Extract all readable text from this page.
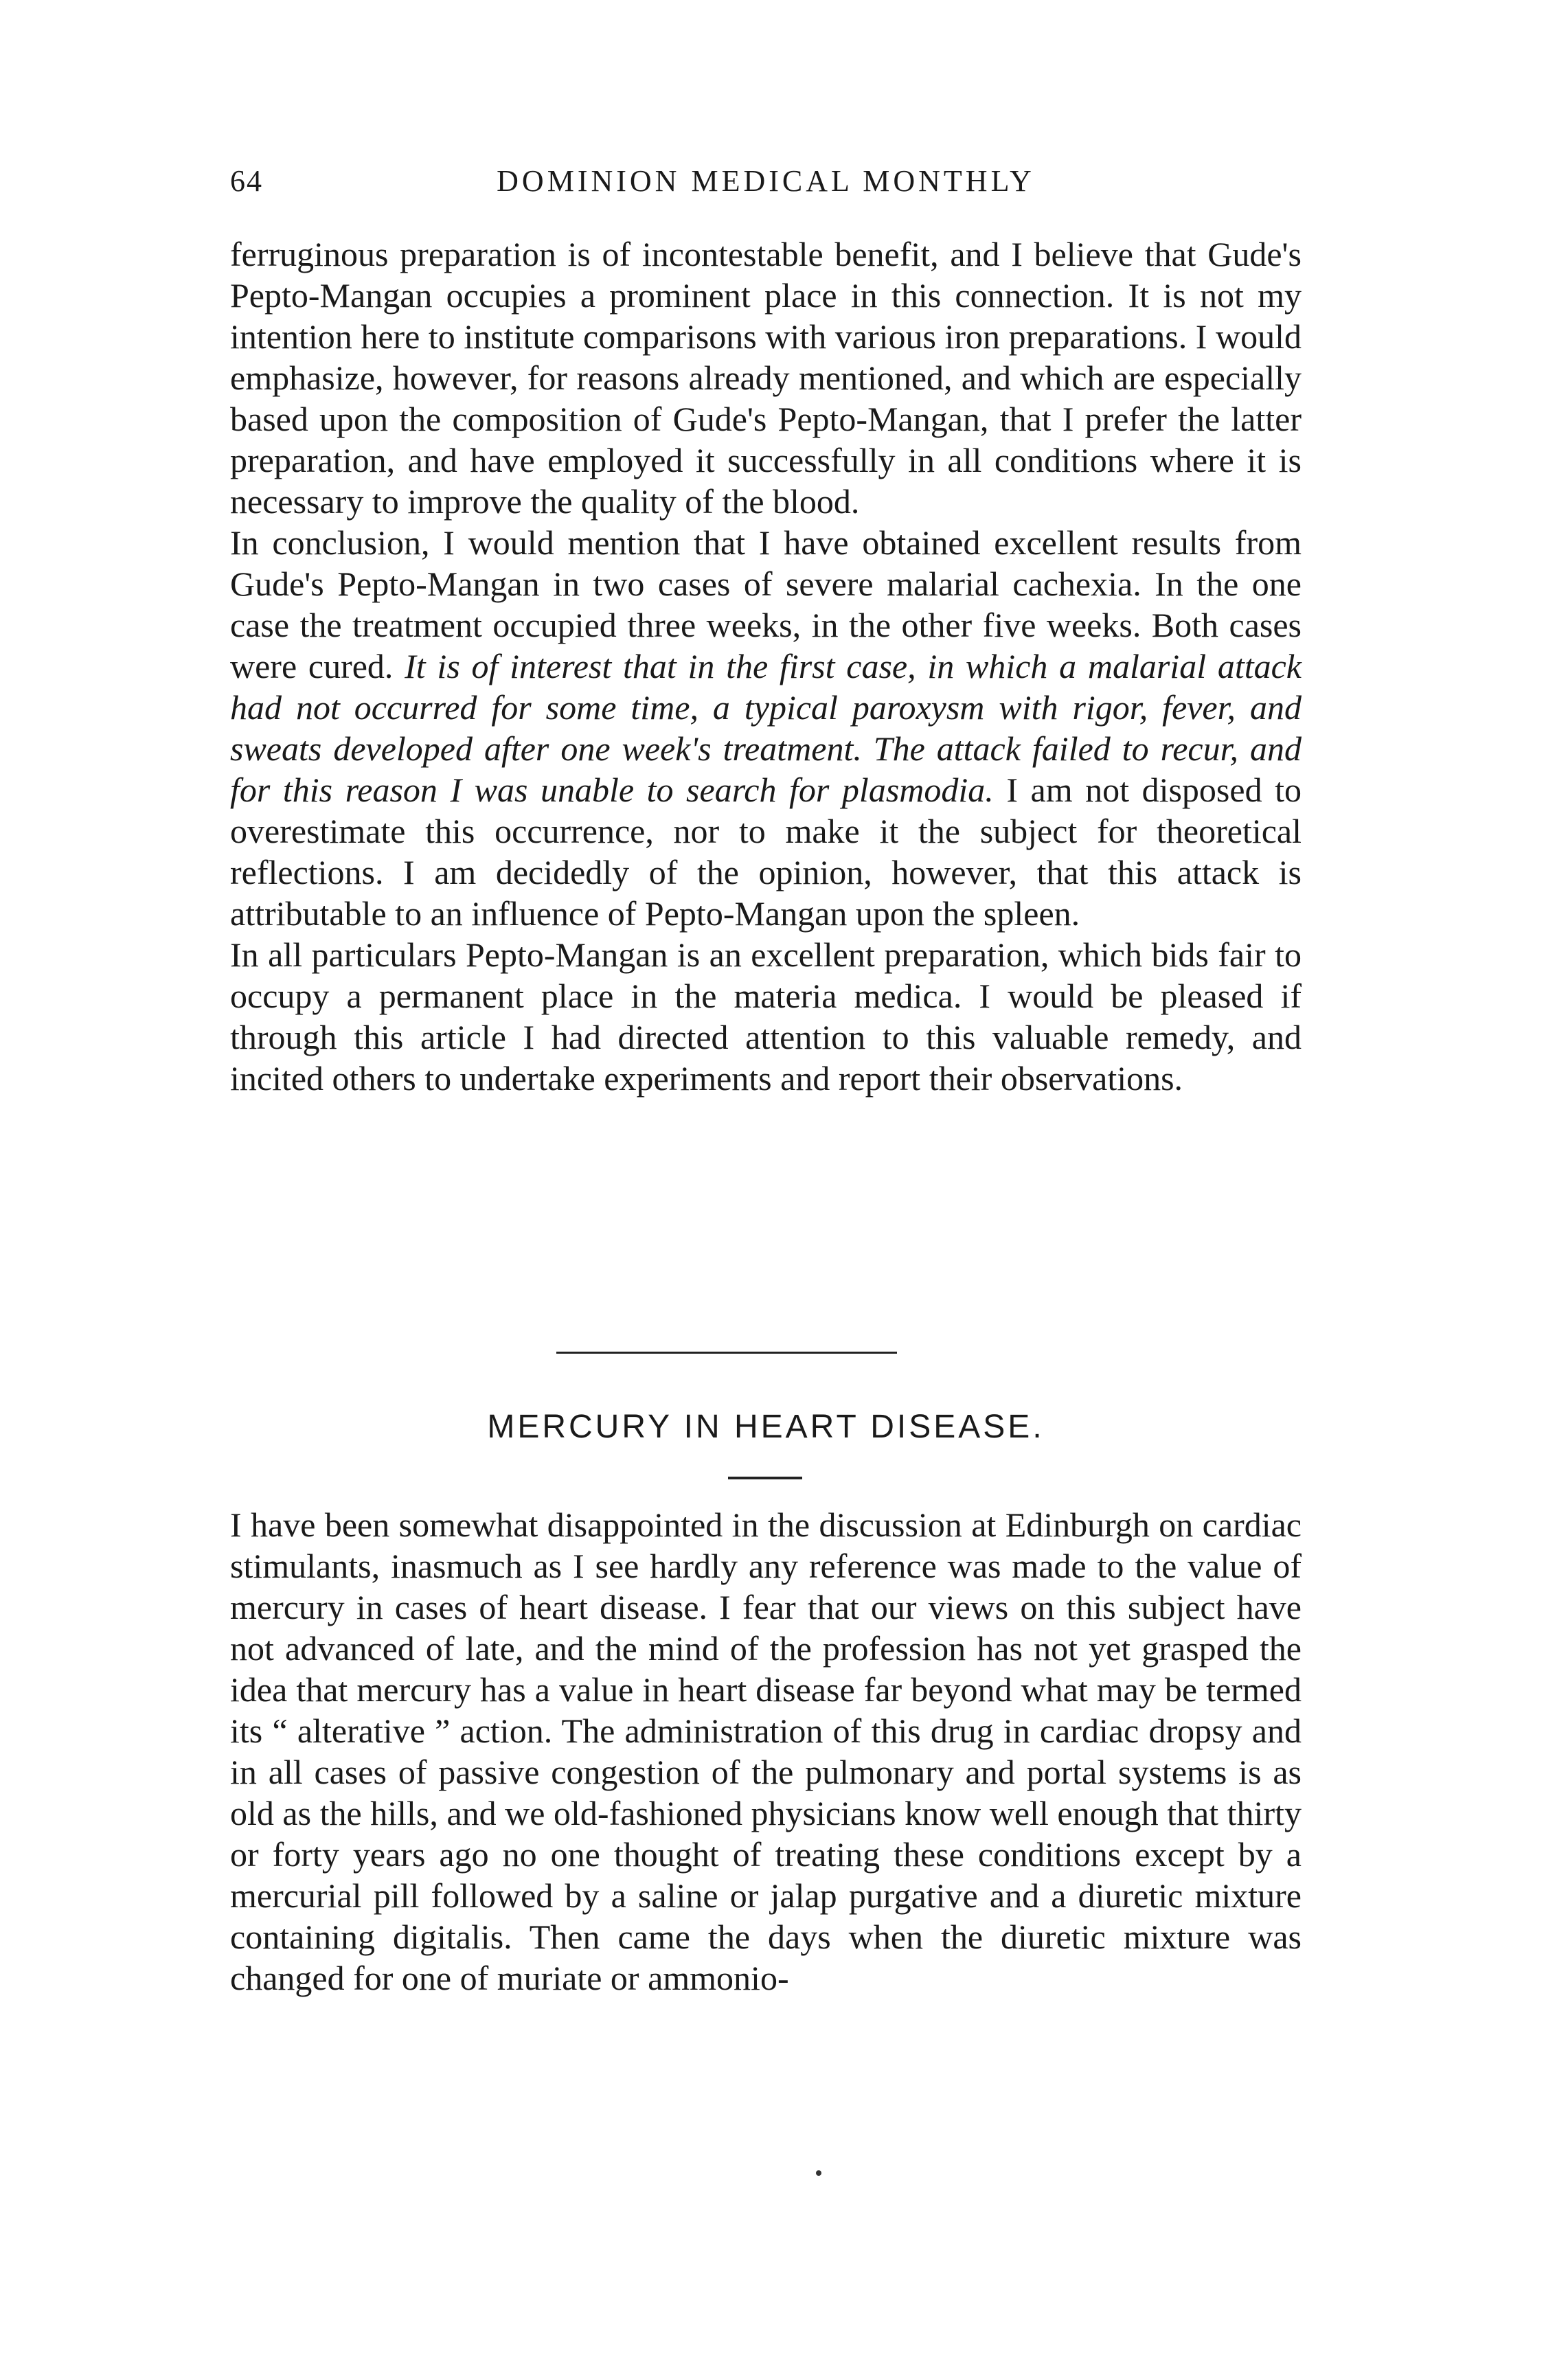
64	DOMINION MEDICAL MONTHLY

ferruginous preparation is of incontestable benefit, and I believe that Gude's Pepto-Mangan occupies a prominent place in this connection. It is not my intention here to institute comparisons with various iron preparations. I would emphasize, however, for reasons already mentioned, and which are especially based upon the composition of Gude's Pepto-Mangan, that I prefer the latter preparation, and have employed it successfully in all conditions where it is necessary to improve the quality of the blood.

In conclusion, I would mention that I have obtained excellent results from Gude's Pepto-Mangan in two cases of severe malarial cachexia. In the one case the treatment occupied three weeks, in the other five weeks. Both cases were cured. It is of interest that in the first case, in which a malarial attack had not occurred for some time, a typical paroxysm with rigor, fever, and sweats developed after one week's treatment. The attack failed to recur, and for this reason I was unable to search for plasmodia. I am not disposed to overestimate this occurrence, nor to make it the subject for theoretical reflections. I am decidedly of the opinion, however, that this attack is attributable to an influence of Pepto-Mangan upon the spleen.

In all particulars Pepto-Mangan is an excellent preparation, which bids fair to occupy a permanent place in the materia medica. I would be pleased if through this article I had directed attention to this valuable remedy, and incited others to undertake experiments and report their observations.

MERCURY IN HEART DISEASE.

I have been somewhat disappointed in the discussion at Edinburgh on cardiac stimulants, inasmuch as I see hardly any reference was made to the value of mercury in cases of heart disease. I fear that our views on this subject have not advanced of late, and the mind of the profession has not yet grasped the idea that mercury has a value in heart disease far beyond what may be termed its “ alterative ” action. The administration of this drug in cardiac dropsy and in all cases of passive congestion of the pulmonary and portal systems is as old as the hills, and we old-fashioned physicians know well enough that thirty or forty years ago no one thought of treating these conditions except by a mercurial pill followed by a saline or jalap purgative and a diuretic mixture containing digitalis. Then came the days when the diuretic mixture was changed for one of muriate or ammonio-
